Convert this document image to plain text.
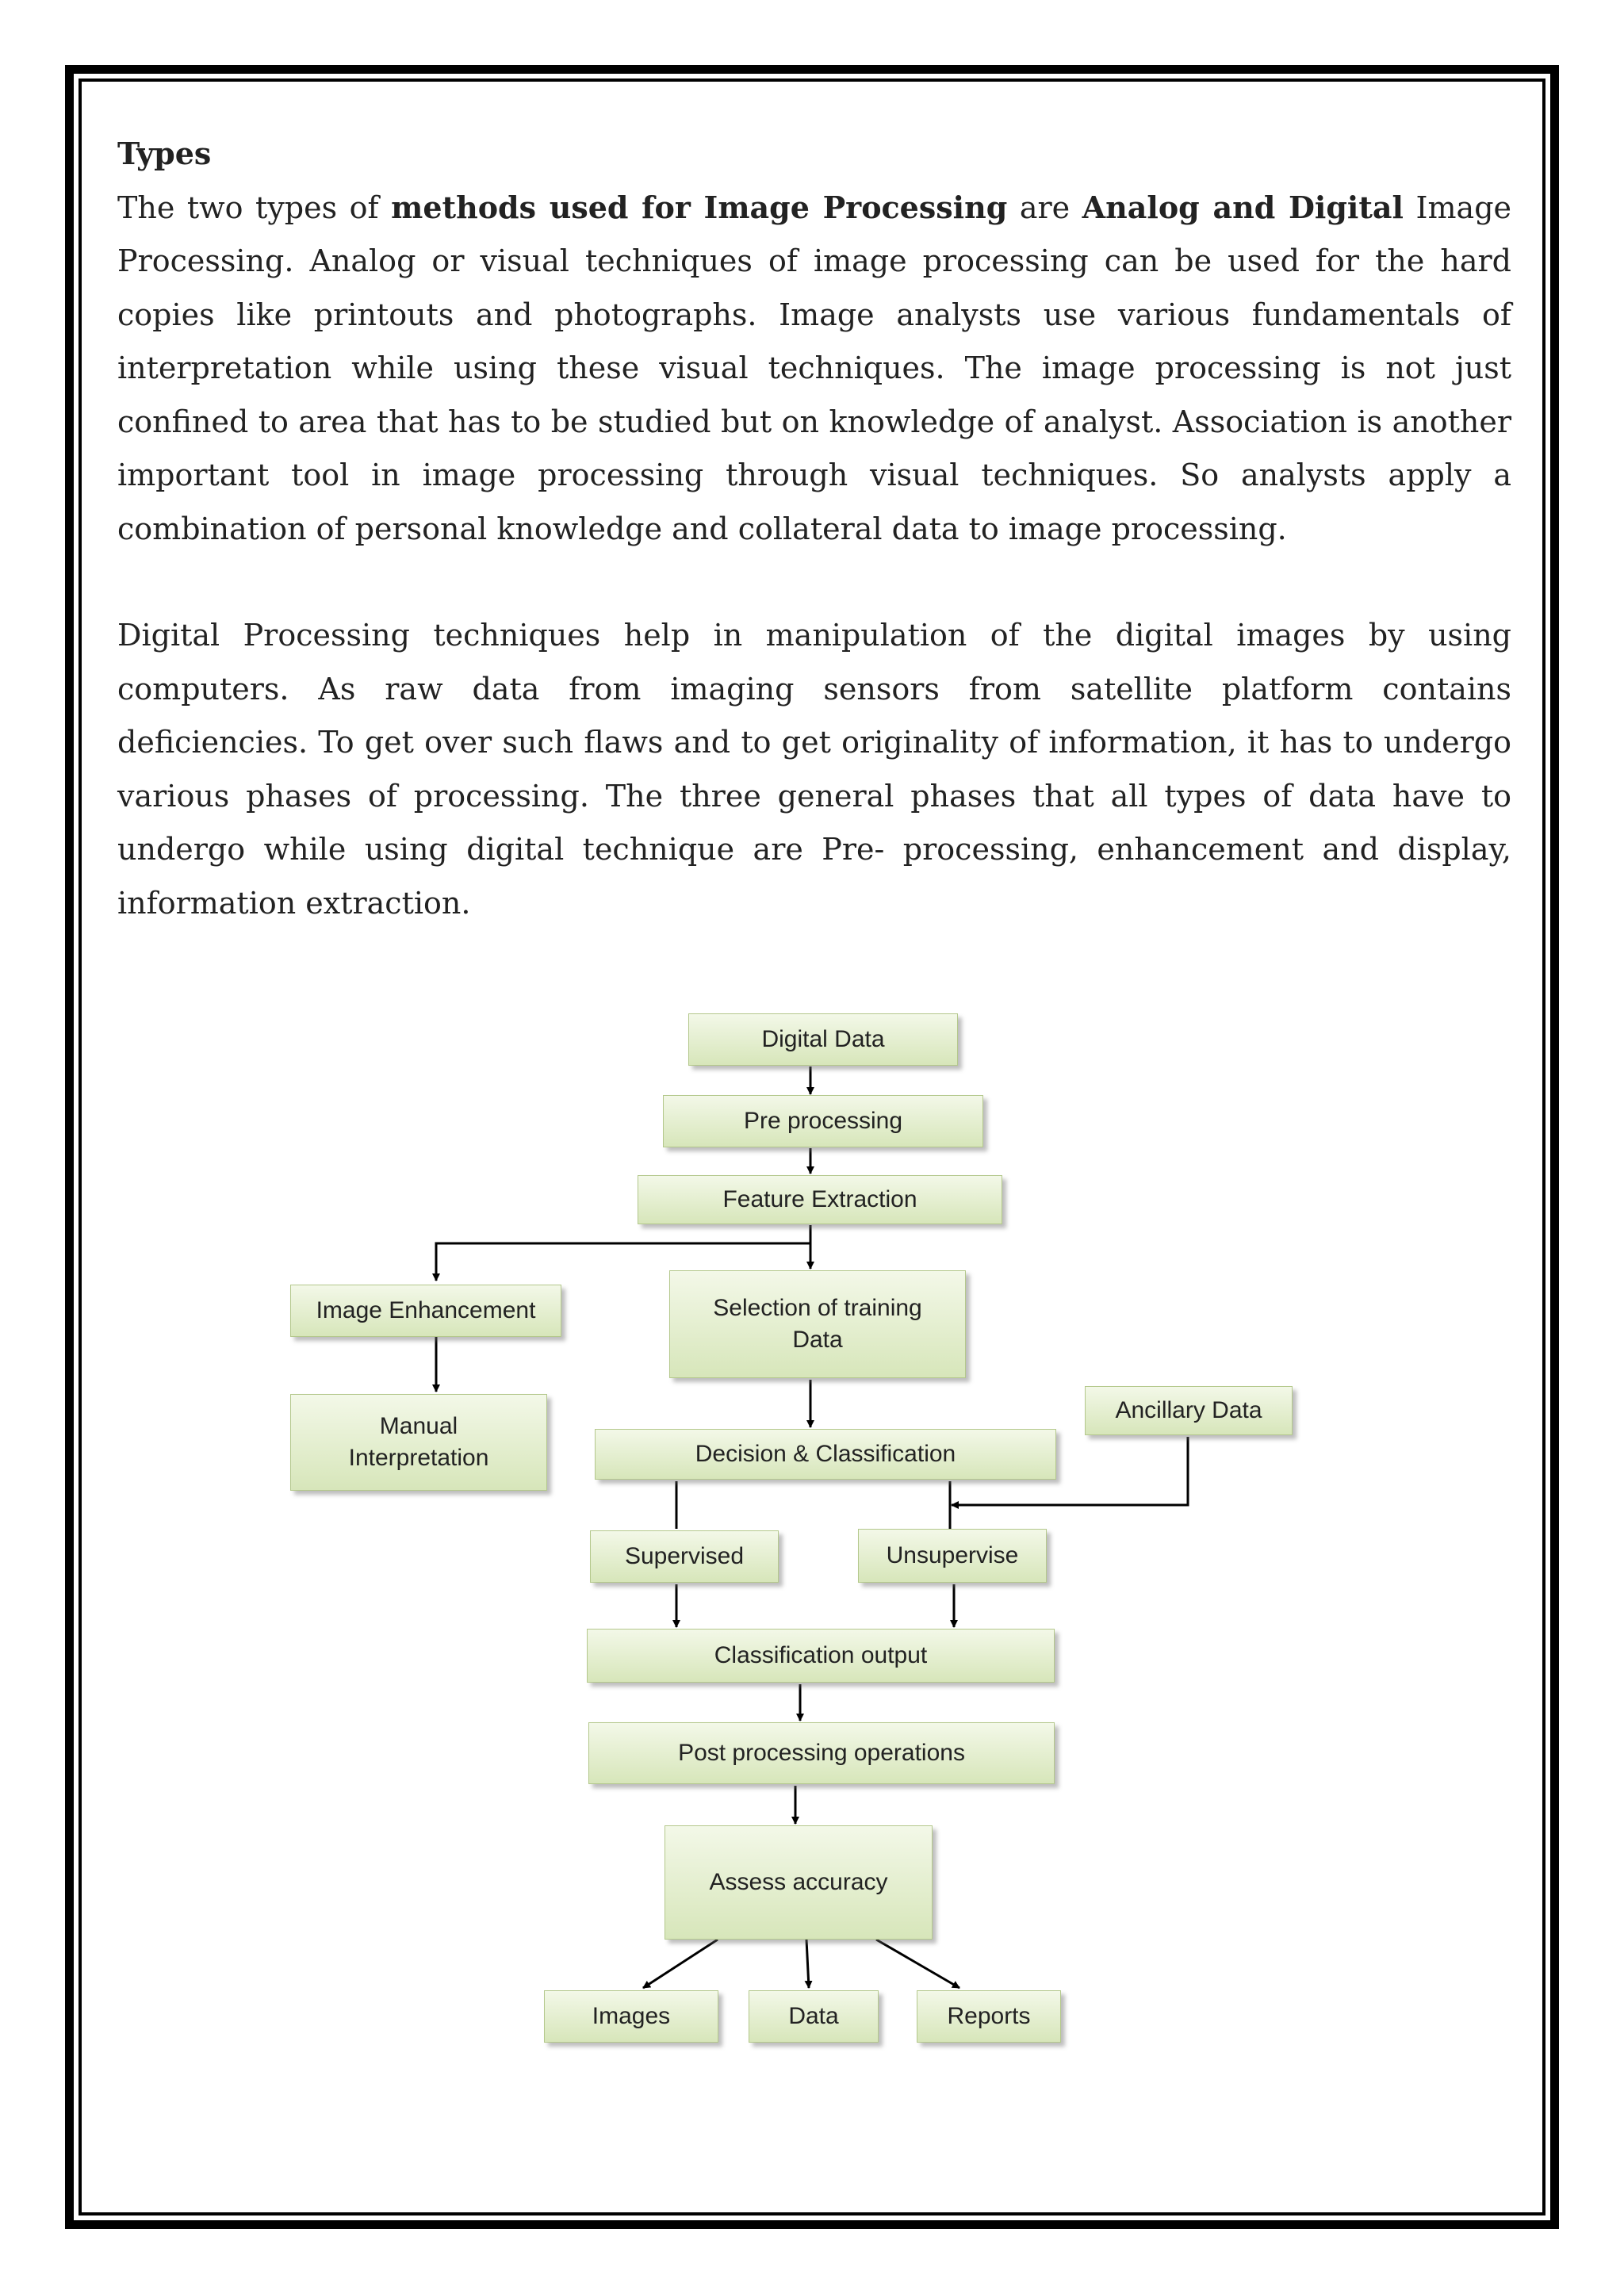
Types

The two types of methods used for Image Processing are Analog and Digital Image Processing. Analog or visual techniques of image processing can be used for the hard copies like printouts and photographs. Image analysts use various fundamentals of interpretation while using these visual techniques. The image processing is not just confined to area that has to be studied but on knowledge of analyst. Association is another important tool in image processing through visual techniques. So analysts apply a combination of personal knowledge and collateral data to image processing.

Digital Processing techniques help in manipulation of the digital images by using computers. As raw data from imaging sensors from satellite platform contains deficiencies. To get over such flaws and to get originality of information, it has to undergo various phases of processing. The three general phases that all types of data have to undergo while using digital technique are Pre- processing, enhancement and display, information extraction.

Digital Data
Pre processing
Feature Extraction
Image Enhancement	Selection of training
Data
Manual
Interpretation
Ancillary Data
Decision & Classification
Supervised	Unsupervise
Classification output
Post processing operations
Assess accuracy
Images	Data	Reports
